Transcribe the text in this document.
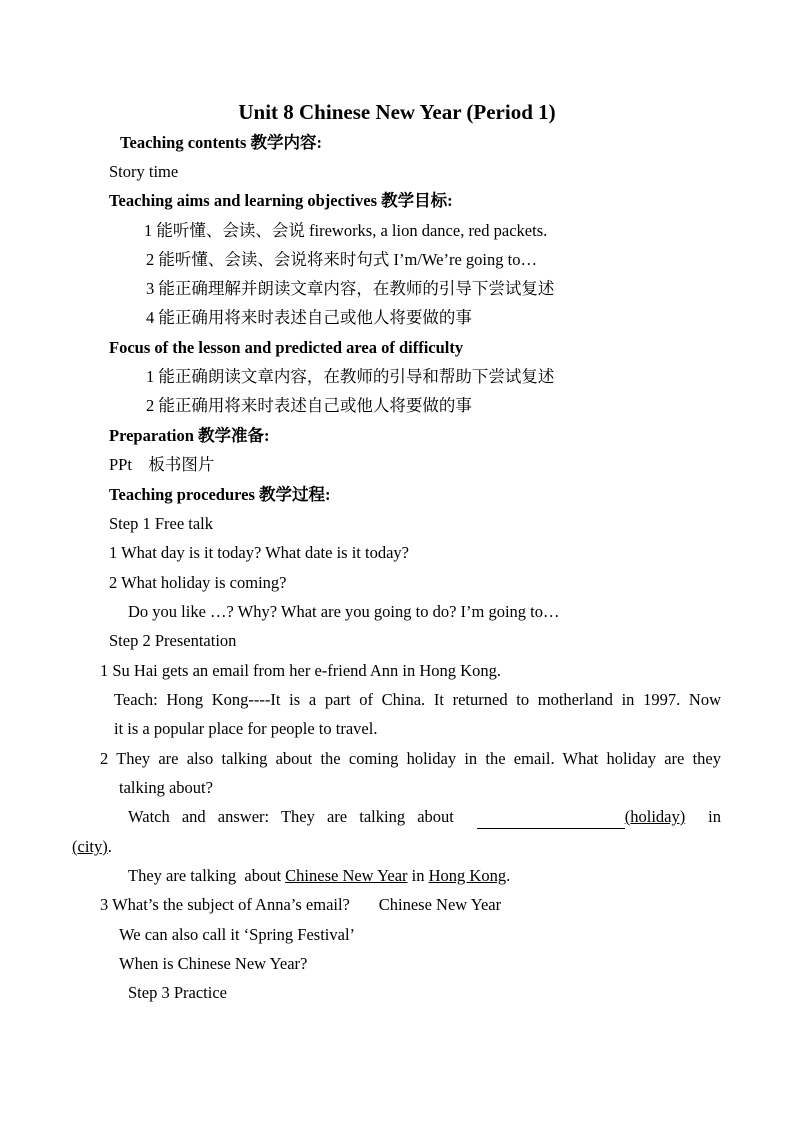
Unit 8 Chinese New Year (Period 1)
Teaching contents 教学内容:
Story time
Teaching aims and learning objectives 教学目标:
1 能听懂、会读、会说 fireworks, a lion dance, red packets.
2 能听懂、会读、会说将来时句式 I’m/We’re going to…
3 能正确理解并朗读文章内容，在教师的引导下尝试复述
4 能正确用将来时表述自己或他人将要做的事
Focus of the lesson and predicted area of difficulty
1 能正确朗读文章内容，在教师的引导和帮助下尝试复述
2 能正确用将来时表述自己或他人将要做的事
Preparation 教学准备:
PPt    板书图片
Teaching procedures 教学过程:
Step 1 Free talk
1 What day is it today? What date is it today?
2 What holiday is coming?
Do you like …? Why? What are you going to do? I’m going to…
Step 2 Presentation
1 Su Hai gets an email from her e-friend Ann in Hong Kong.
Teach: Hong Kong----It is a part of China. It returned to motherland in 1997. Now
it is a popular place for people to travel.
2 They are also talking about the coming holiday in the email. What holiday are they
talking about?
Watch and answer: They are talking about	(holiday) in
(city).
They are talking  about Chinese New Year in Hong Kong.
3 What’s the subject of Anna’s email?       Chinese New Year
We can also call it ‘Spring Festival’
When is Chinese New Year?
Step 3 Practice
